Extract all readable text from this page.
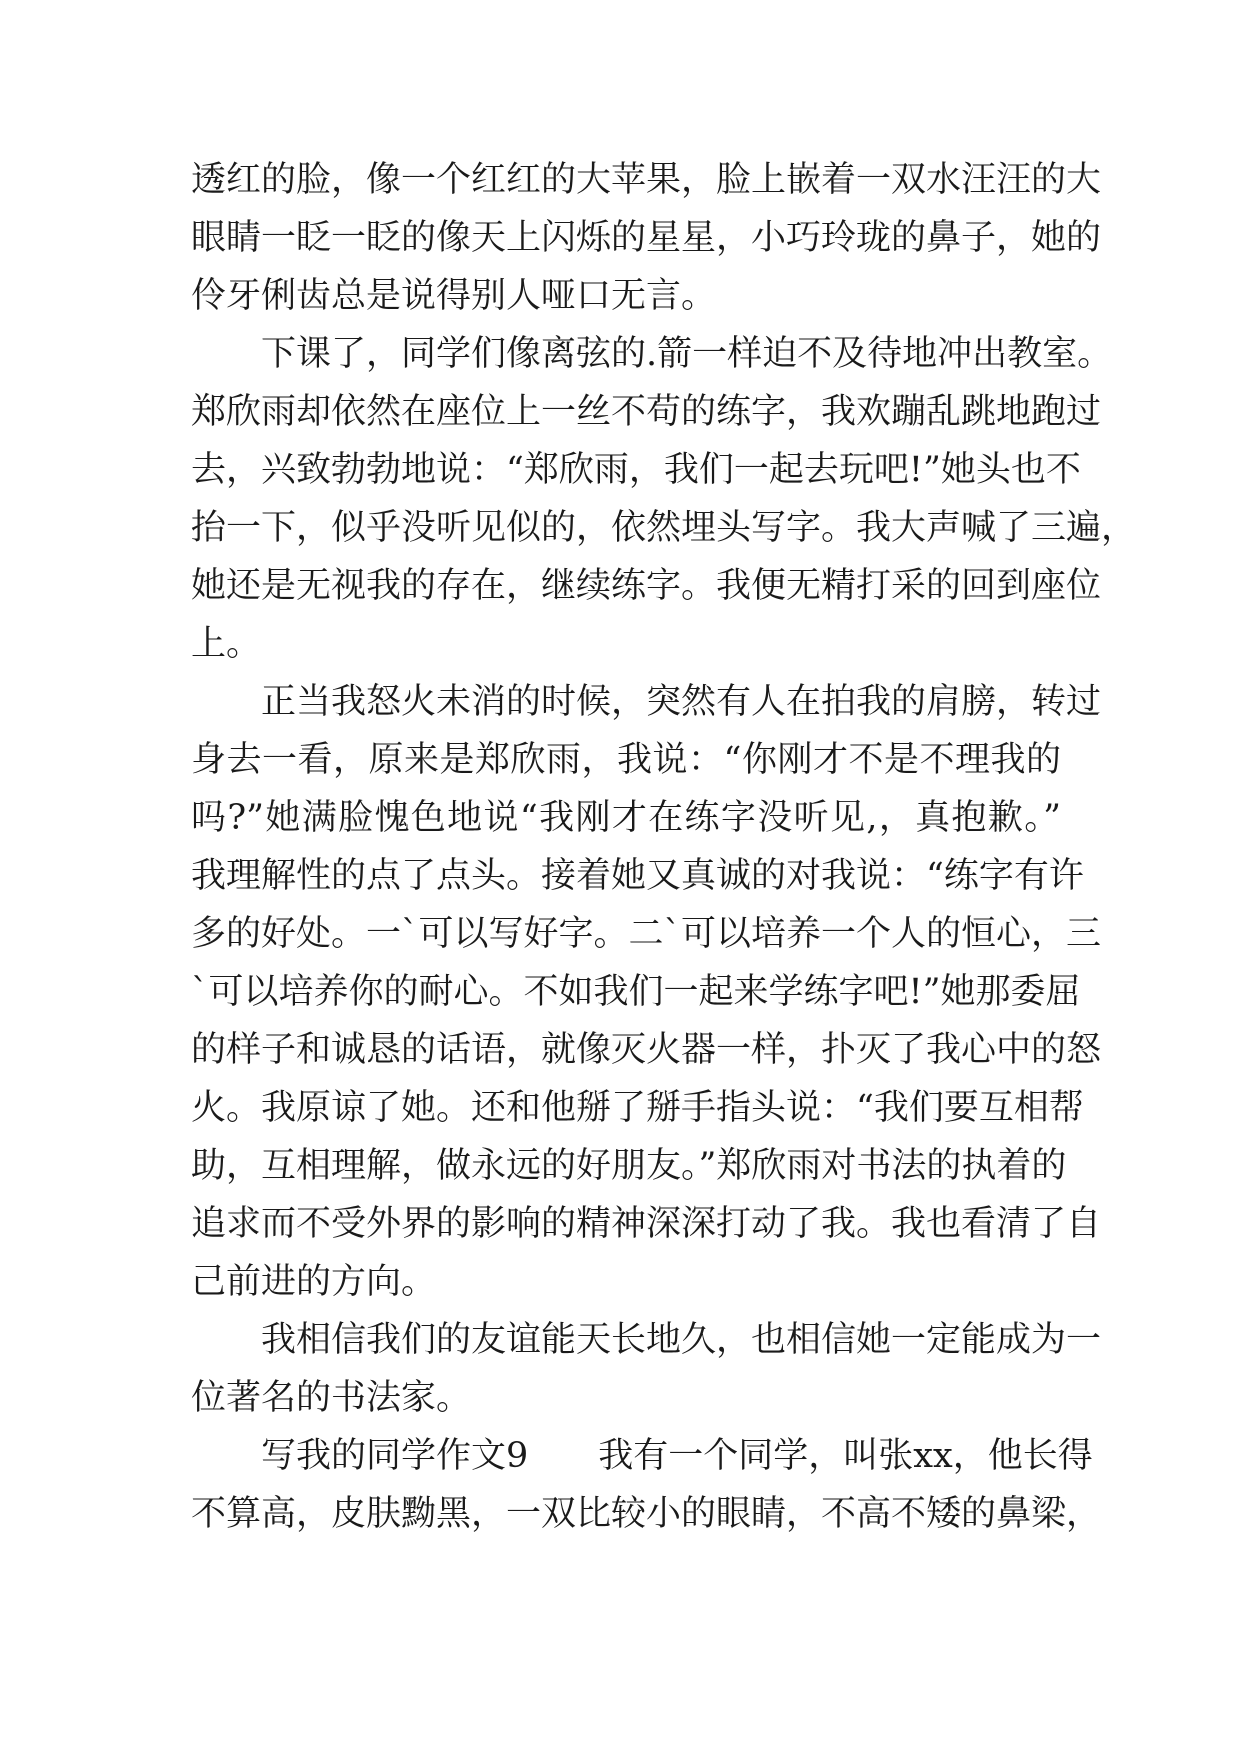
透红的脸，像一个红红的大苹果，脸上嵌着一双水汪汪的大
眼睛一眨一眨的像天上闪烁的星星，小巧玲珑的鼻子，她的
伶牙俐齿总是说得别人哑口无言。
下课了，同学们像离弦的.箭一样迫不及待地冲出教室。
郑欣雨却依然在座位上一丝不苟的练字，我欢蹦乱跳地跑过
去，兴致勃勃地说：“郑欣雨，我们一起去玩吧!”她头也不
抬一下，似乎没听见似的，依然埋头写字。我大声喊了三遍，
她还是无视我的存在，继续练字。我便无精打采的回到座位
上。
正当我怒火未消的时候，突然有人在拍我的肩膀，转过
身去一看，原来是郑欣雨，我说：“你刚才不是不理我的
吗?”她满脸愧色地说“我刚才在练字没听见,，真抱歉。”
我理解性的点了点头。接着她又真诚的对我说：“练字有许
多的好处。一`可以写好字。二`可以培养一个人的恒心，三
`可以培养你的耐心。不如我们一起来学练字吧!”她那委屈
的样子和诚恳的话语，就像灭火器一样，扑灭了我心中的怒
火。我原谅了她。还和他掰了掰手指头说：“我们要互相帮
助，互相理解，做永远的好朋友。”郑欣雨对书法的执着的
追求而不受外界的影响的精神深深打动了我。我也看清了自
己前进的方向。
我相信我们的友谊能天长地久，也相信她一定能成为一
位著名的书法家。
写我的同学作文9　　我有一个同学，叫张xx，他长得
不算高，皮肤黝黑，一双比较小的眼睛，不高不矮的鼻梁，
